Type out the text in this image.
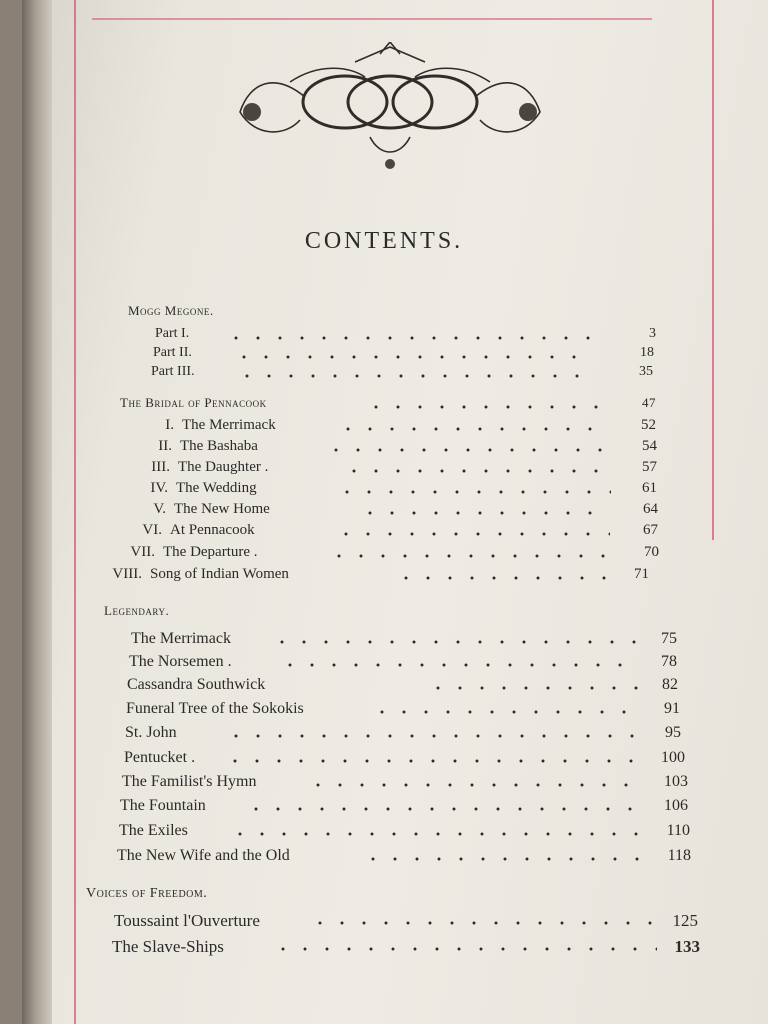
CONTENTS.
Mogg Megone.
Part I.	3
Part II.	18
Part III.	35
The Bridal of Pennacook	47
I. The Merrimack	52
II. The Bashaba	54
III. The Daughter .	57
IV. The Wedding	61
V. The New Home	64
VI. At Pennacook	67
VII. The Departure .	70
VIII. Song of Indian Women	71
Legendary.
The Merrimack	75
The Norsemen .	78
Cassandra Southwick	82
Funeral Tree of the Sokokis	91
St. John	95
Pentucket .	100
The Familist's Hymn	103
The Fountain	106
The Exiles	110
The New Wife and the Old	118
Voices of Freedom.
Toussaint l'Ouverture	125
The Slave-Ships	133
